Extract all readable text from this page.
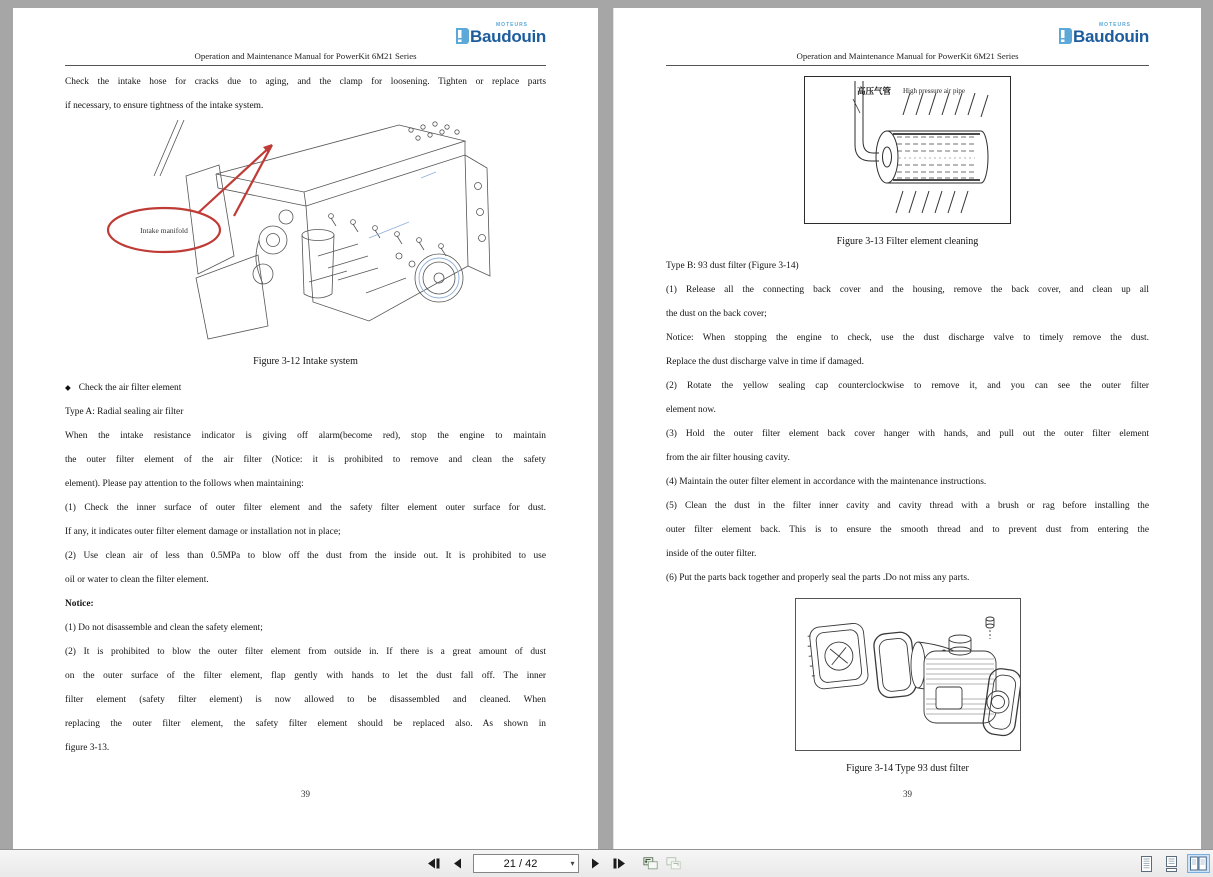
MOTEURS
Baudouin
Operation and Maintenance Manual for PowerKit 6M21 Series
Check the intake hose for cracks due to aging, and the clamp for loosening. Tighten or replace parts
if necessary, to ensure tightness of the intake system.
Intake manifold
Figure 3-12 Intake system
◆ Check the air filter element
Type A: Radial sealing air filter
When the intake resistance indicator is giving off alarm(become red), stop the engine to maintain
the outer filter element of the air filter (Notice: it is prohibited to remove and clean the safety
element). Please pay attention to the follows when maintaining:
(1) Check the inner surface of outer filter element and the safety filter element outer surface for dust.
If any, it indicates outer filter element damage or installation not in place;
(2) Use clean air of less than 0.5MPa to blow off the dust from the inside out. It is prohibited to use
oil or water to clean the filter element.
Notice:
(1) Do not disassemble and clean the safety element;
(2) It is prohibited to blow the outer filter element from outside in. If there is a great amount of dust
on the outer surface of the filter element, flap gently with hands to let the dust fall off. The inner
filter element (safety filter element) is now allowed to be disassembled and cleaned. When
replacing the outer filter element, the safety filter element should be replaced also. As shown in
figure 3-13.
39
MOTEURS
Baudouin
Operation and Maintenance Manual for PowerKit 6M21 Series
高压气管 High pressure air pipe
Figure 3-13 Filter element cleaning
Type B: 93 dust filter (Figure 3-14)
(1) Release all the connecting back cover and the housing, remove the back cover, and clean up all
the dust on the back cover;
Notice: When stopping the engine to check, use the dust discharge valve to timely remove the dust.
Replace the dust discharge valve in time if damaged.
(2) Rotate the yellow sealing cap counterclockwise to remove it, and you can see the outer filter
element now.
(3) Hold the outer filter element back cover hanger with hands, and pull out the outer filter element
from the air filter housing cavity.
(4) Maintain the outer filter element in accordance with the maintenance instructions.
(5) Clean the dust in the filter inner cavity and cavity thread with a brush or rag before installing the
outer filter element back. This is to ensure the smooth thread and to prevent dust from entering the
inside of the outer filter.
(6) Put the parts back together and properly seal the parts .Do not miss any parts.
Figure 3-14 Type 93 dust filter
39
21 / 42	▾
